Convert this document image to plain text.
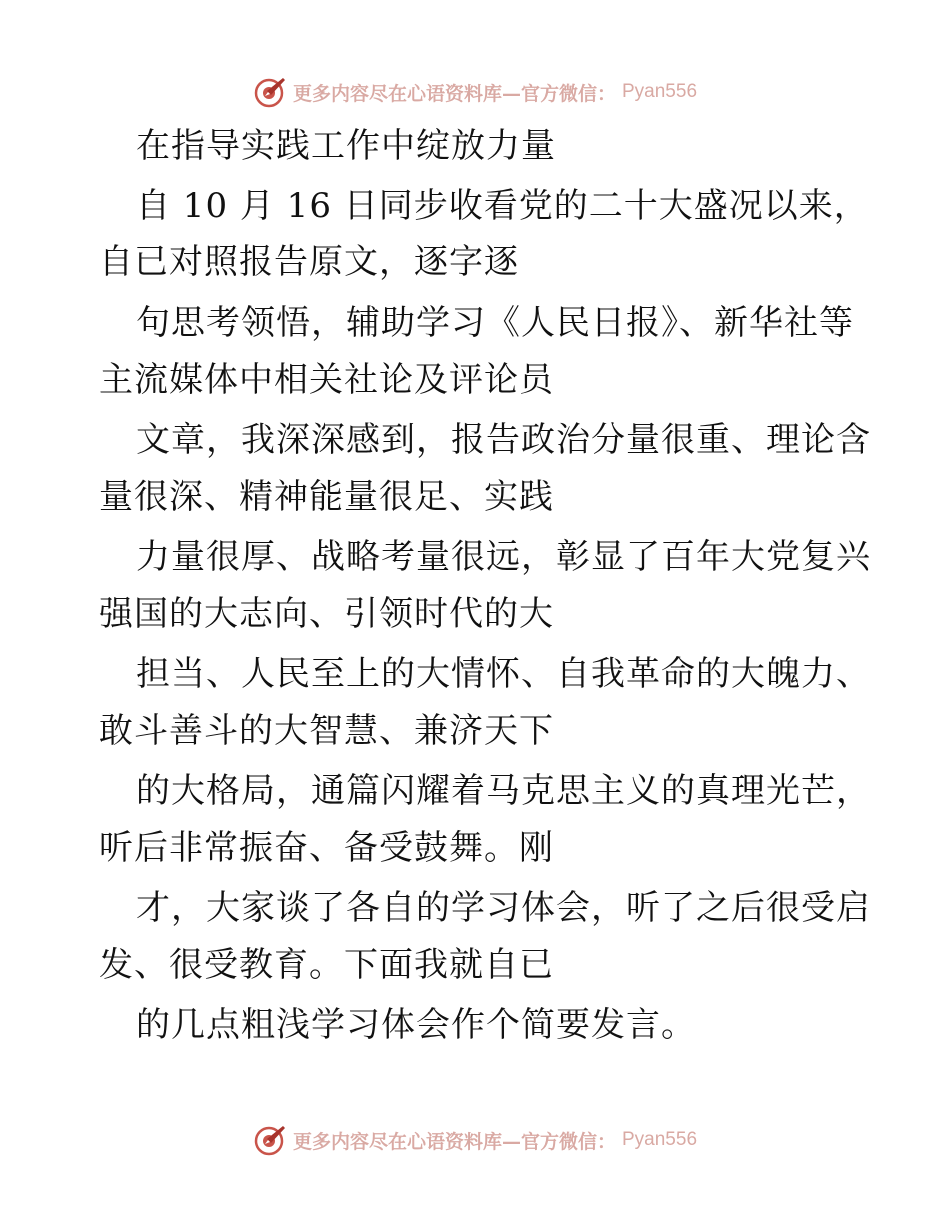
更多内容尽在心语资料库—官方微信： Pyan556
在指导实践工作中绽放力量
自 10 月 16 日同步收看党的二十大盛况以来，
自已对照报告原文，逐字逐
句思考领悟，辅助学习《人民日报》、新华社等
主流媒体中相关社论及评论员
文章，我深深感到，报告政治分量很重、理论含
量很深、精神能量很足、实践
力量很厚、战略考量很远，彰显了百年大党复兴
强国的大志向、引领时代的大
担当、人民至上的大情怀、自我革命的大魄力、
敢斗善斗的大智慧、兼济天下
的大格局，通篇闪耀着马克思主义的真理光芒，
听后非常振奋、备受鼓舞。刚
才，大家谈了各自的学习体会，听了之后很受启
发、很受教育。下面我就自已
的几点粗浅学习体会作个简要发言。
更多内容尽在心语资料库—官方微信： Pyan556
